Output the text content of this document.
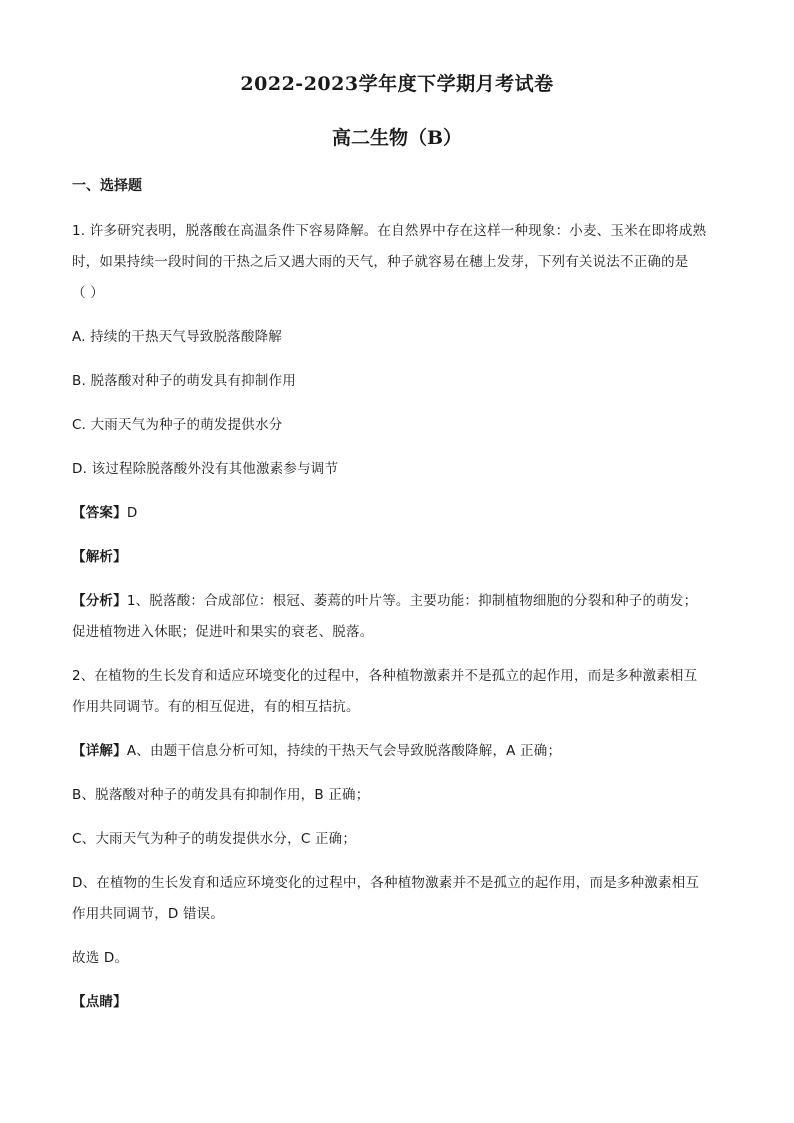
2022-2023学年度下学期月考试卷
高二生物（B）
一、选择题

1. 许多研究表明，脱落酸在高温条件下容易降解。在自然界中存在这样一种现象：小麦、玉米在即将成熟

时，如果持续一段时间的干热之后又遇大雨的天气，种子就容易在穗上发芽，下列有关说法不正确的是

（ ）

A. 持续的干热天气导致脱落酸降解

B. 脱落酸对种子的萌发具有抑制作用

C. 大雨天气为种子的萌发提供水分

D. 该过程除脱落酸外没有其他激素参与调节

【答案】D

【解析】

【分析】1、脱落酸：合成部位：根冠、萎蔫的叶片等。主要功能：抑制植物细胞的分裂和种子的萌发；

促进植物进入休眠；促进叶和果实的衰老、脱落。

2、在植物的生长发育和适应环境变化的过程中，各种植物激素并不是孤立的起作用，而是多种激素相互

作用共同调节。有的相互促进，有的相互拮抗。

【详解】A、由题干信息分析可知，持续的干热天气会导致脱落酸降解，A 正确；

B、脱落酸对种子的萌发具有抑制作用，B 正确；

C、大雨天气为种子的萌发提供水分，C 正确；

D、在植物的生长发育和适应环境变化的过程中，各种植物激素并不是孤立的起作用，而是多种激素相互

作用共同调节，D 错误。

故选 D。

【点睛】
